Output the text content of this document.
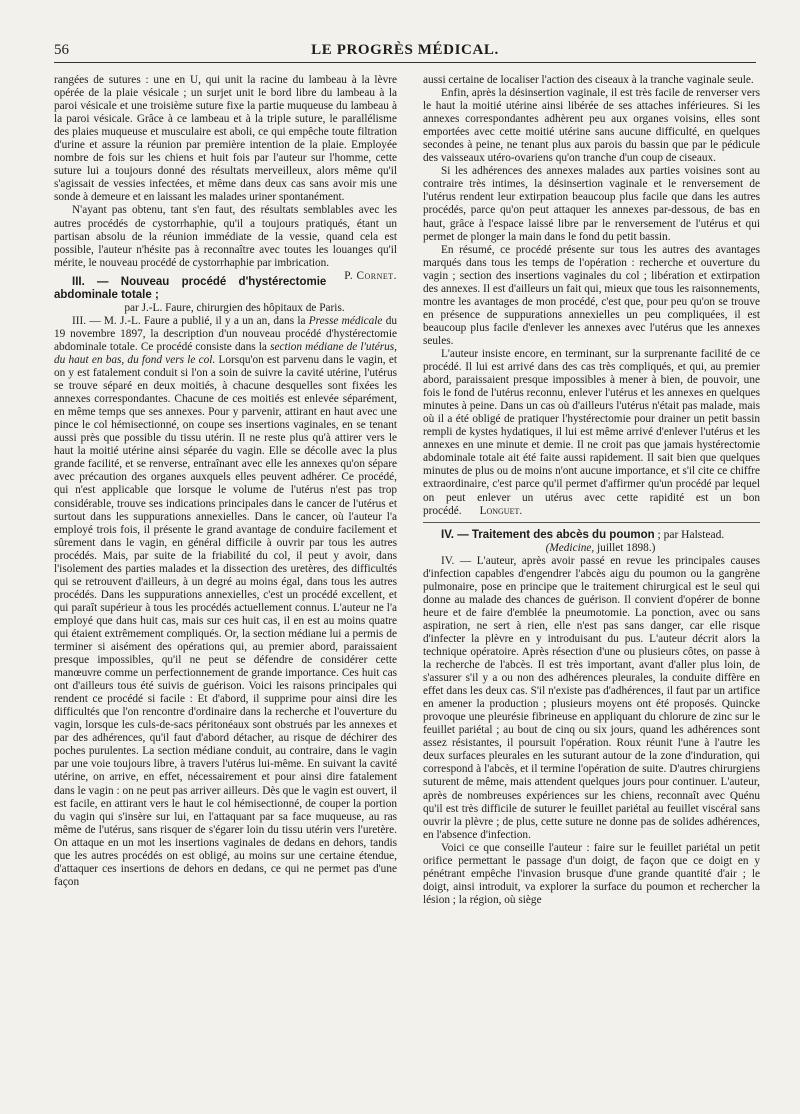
56	LE PROGRÈS MÉDICAL.

rangées de sutures : une en U, qui unit la racine du lambeau à la lèvre opérée de la plaie vésicale ; un surjet unit le bord libre du lambeau à la paroi vésicale et une troisième suture fixe la partie muqueuse du lambeau à la paroi vésicale. Grâce à ce lambeau et à la triple suture, le parallélisme des plaies muqueuse et musculaire est aboli, ce qui empêche toute filtration d'urine et assure la réunion par première intention de la plaie. Employée nombre de fois sur les chiens et huit fois par l'auteur sur l'homme, cette suture lui a toujours donné des résultats merveilleux, alors même qu'il s'agissait de vessies infectées, et même dans deux cas sans avoir mis une sonde à demeure et en laissant les malades uriner spontanément.

N'ayant pas obtenu, tant s'en faut, des résultats semblables avec les autres procédés de cystorrhaphie, qu'il a toujours pratiqués, étant un partisan absolu de la réunion immédiate de la vessie, quand cela est possible, l'auteur n'hésite pas à reconnaître avec toutes les louanges qu'il mérite, le nouveau procédé de cystorrhaphie par imbrication.
P. Cornet.

III. — Nouveau procédé d'hystérectomie abdominale totale ;

par J.-L. Faure, chirurgien des hôpitaux de Paris.

III. — M. J.-L. Faure a publié, il y a un an, dans la Presse médicale du 19 novembre 1897, la description d'un nouveau procédé d'hystérectomie abdominale totale. Ce procédé consiste dans la section médiane de l'utérus, du haut en bas, du fond vers le col. Lorsqu'on est parvenu dans le vagin, et on y est fatalement conduit si l'on a soin de suivre la cavité utérine, l'utérus se trouve séparé en deux moitiés, à chacune desquelles sont fixées les annexes correspondantes. Chacune de ces moitiés est enlevée séparément, en même temps que ses annexes. Pour y parvenir, attirant en haut avec une pince le col hémisectionné, on coupe ses insertions vaginales, en se tenant aussi près que possible du tissu utérin. Il ne reste plus qu'à attirer vers le haut la moitié utérine ainsi séparée du vagin. Elle se décolle avec la plus grande facilité, et se renverse, entraînant avec elle les annexes qu'on sépare avec précaution des organes auxquels elles peuvent adhérer. Ce procédé, qui n'est applicable que lorsque le volume de l'utérus n'est pas trop considérable, trouve ses indications principales dans le cancer de l'utérus et surtout dans les suppurations annexielles. Dans le cancer, où l'auteur l'a employé trois fois, il présente le grand avantage de conduire facilement et sûrement dans le vagin, en général difficile à ouvrir par tous les autres procédés. Mais, par suite de la friabilité du col, il peut y avoir, dans l'isolement des parties malades et la dissection des uretères, des difficultés qui se retrouvent d'ailleurs, à un degré au moins égal, dans tous les autres procédés. Dans les suppurations annexielles, c'est un procédé excellent, et qui paraît supérieur à tous les procédés actuellement connus. L'auteur ne l'a employé que dans huit cas, mais sur ces huit cas, il en est au moins quatre qui étaient extrêmement compliqués. Or, la section médiane lui a permis de terminer si aisément des opérations qui, au premier abord, paraissaient presque impossibles, qu'il ne peut se défendre de considérer cette manœuvre comme un perfectionnement de grande importance. Ces huit cas ont d'ailleurs tous été suivis de guérison. Voici les raisons principales qui rendent ce procédé si facile : Et d'abord, il supprime pour ainsi dire les difficultés que l'on rencontre d'ordinaire dans la recherche et l'ouverture du vagin, lorsque les culs-de-sacs péritonéaux sont obstrués par les annexes et par des adhérences, qu'il faut d'abord détacher, au risque de déchirer des poches purulentes. La section médiane conduit, au contraire, dans le vagin par une voie toujours libre, à travers l'utérus lui-même. En suivant la cavité utérine, on arrive, en effet, nécessairement et pour ainsi dire fatalement dans le vagin : on ne peut pas arriver ailleurs. Dès que le vagin est ouvert, il est facile, en attirant vers le haut le col hémisectionné, de couper la portion du vagin qui s'insère sur lui, en l'attaquant par sa face muqueuse, au ras même de l'utérus, sans risquer de s'égarer loin du tissu utérin vers l'uretère. On attaque en un mot les insertions vaginales de dedans en dehors, tandis que les autres procédés on est obligé, au moins sur une certaine étendue, d'attaquer ces insertions de dehors en dedans, ce qui ne permet pas d'une façon

aussi certaine de localiser l'action des ciseaux à la tranche vaginale seule.

Enfin, après la désinsertion vaginale, il est très facile de renverser vers le haut la moitié utérine ainsi libérée de ses attaches inférieures. Si les annexes correspondantes adhèrent peu aux organes voisins, elles sont emportées avec cette moitié utérine sans aucune difficulté, en quelques secondes à peine, ne tenant plus aux parois du bassin que par le pédicule des vaisseaux utéro-ovariens qu'on tranche d'un coup de ciseaux.

Si les adhérences des annexes malades aux parties voisines sont au contraire très intimes, la désinsertion vaginale et le renversement de l'utérus rendent leur extirpation beaucoup plus facile que dans les autres procédés, parce qu'on peut attaquer les annexes par-dessous, de bas en haut, grâce à l'espace laissé libre par le renversement de l'utérus et qui permet de plonger la main dans le fond du petit bassin.

En résumé, ce procédé présente sur tous les autres des avantages marqués dans tous les temps de l'opération : recherche et ouverture du vagin ; section des insertions vaginales du col ; libération et extirpation des annexes. Il est d'ailleurs un fait qui, mieux que tous les raisonnements, montre les avantages de mon procédé, c'est que, pour peu qu'on se trouve en présence de suppurations annexielles un peu compliquées, il est beaucoup plus facile d'enlever les annexes avec l'utérus que les annexes seules.

L'auteur insiste encore, en terminant, sur la surprenante facilité de ce procédé. Il lui est arrivé dans des cas très compliqués, et qui, au premier abord, paraissaient presque impossibles à mener à bien, de pouvoir, une fois le fond de l'utérus reconnu, enlever l'utérus et les annexes en quelques minutes à peine. Dans un cas où d'ailleurs l'utérus n'était pas malade, mais où il a été obligé de pratiquer l'hystérectomie pour drainer un petit bassin rempli de kystes hydatiques, il lui est même arrivé d'enlever l'utérus et les annexes en une minute et demie. Il ne croit pas que jamais hystérectomie abdominale totale ait été faite aussi rapidement. Il sait bien que quelques minutes de plus ou de moins n'ont aucune importance, et s'il cite ce chiffre extraordinaire, c'est parce qu'il permet d'affirmer qu'un procédé par lequel on peut enlever un utérus avec cette rapidité est un bon procédé. Longuet.

IV. — Traitement des abcès du poumon ; par Halstead.

(Medicine, juillet 1898.)

IV. — L'auteur, après avoir passé en revue les principales causes d'infection capables d'engendrer l'abcès aigu du poumon ou la gangrène pulmonaire, pose en principe que le traitement chirurgical est le seul qui donne au malade des chances de guérison. Il convient d'opérer de bonne heure et de faire d'emblée la pneumotomie. La ponction, avec ou sans aspiration, ne sert à rien, elle n'est pas sans danger, car elle risque d'infecter la plèvre en y introduisant du pus. L'auteur décrit alors la technique opératoire. Après résection d'une ou plusieurs côtes, on passe à la recherche de l'abcès. Il est très important, avant d'aller plus loin, de s'assurer s'il y a ou non des adhérences pleurales, la conduite diffère en effet dans les deux cas. S'il n'existe pas d'adhérences, il faut par un artifice en amener la production ; plusieurs moyens ont été proposés. Quincke provoque une pleurésie fibrineuse en appliquant du chlorure de zinc sur le feuillet pariétal ; au bout de cinq ou six jours, quand les adhérences sont assez résistantes, il poursuit l'opération. Roux réunit l'une à l'autre les deux surfaces pleurales en les suturant autour de la zone d'induration, qui correspond à l'abcès, et il termine l'opération de suite. D'autres chirurgiens suturent de même, mais attendent quelques jours pour continuer. L'auteur, après de nombreuses expériences sur les chiens, reconnaît avec Quénu qu'il est très difficile de suturer le feuillet pariétal au feuillet viscéral sans ouvrir la plèvre ; de plus, cette suture ne donne pas de solides adhérences, en l'absence d'infection.

Voici ce que conseille l'auteur : faire sur le feuillet pariétal un petit orifice permettant le passage d'un doigt, de façon que ce doigt en y pénétrant empêche l'invasion brusque d'une grande quantité d'air ; le doigt, ainsi introduit, va explorer la surface du poumon et rechercher la lésion ; la région, où siège
